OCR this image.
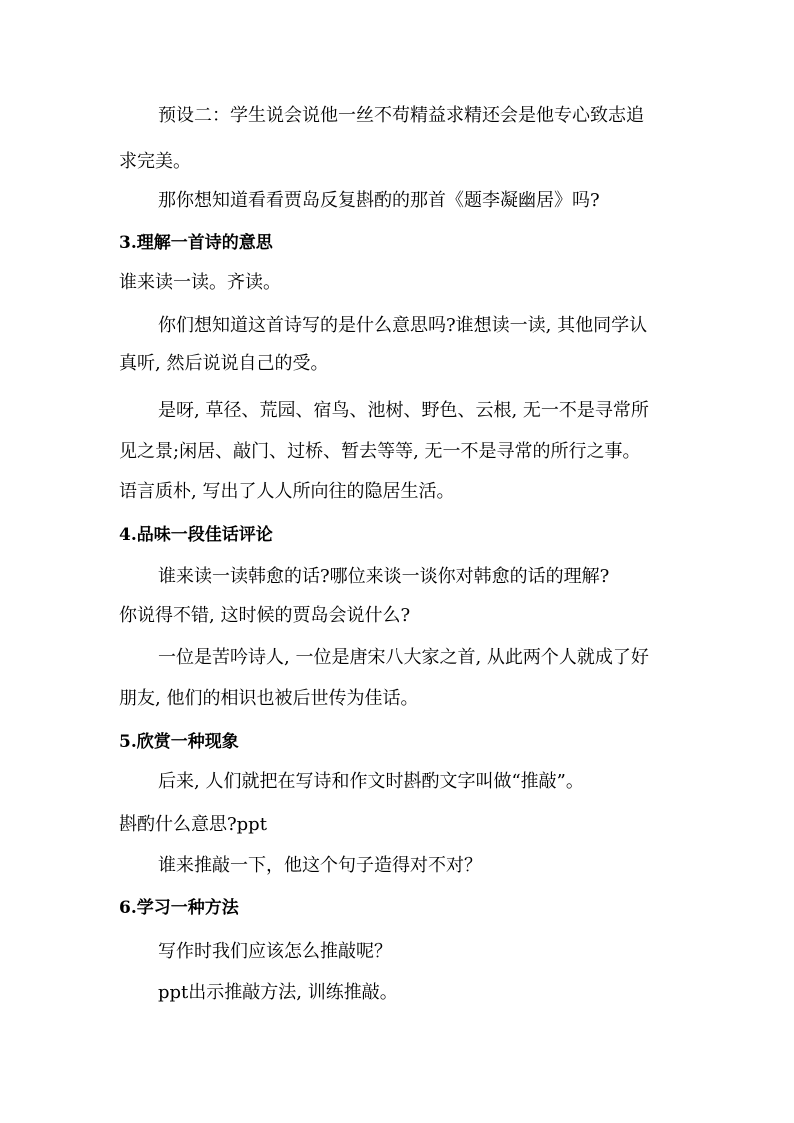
预设二：学生说会说他一丝不苟精益求精还会是他专心致志追
求完美。
那你想知道看看贾岛反复斟酌的那首《题李凝幽居》吗?
3.理解一首诗的意思
谁来读一读。齐读。
你们想知道这首诗写的是什么意思吗?谁想读一读, 其他同学认
真听, 然后说说自己的受。
是呀, 草径、荒园、宿鸟、池树、野色、云根, 无一不是寻常所
见之景;闲居、敲门、过桥、暂去等等, 无一不是寻常的所行之事。
语言质朴, 写出了人人所向往的隐居生活。
4.品味一段佳话评论
谁来读一读韩愈的话?哪位来谈一谈你对韩愈的话的理解?
你说得不错, 这时候的贾岛会说什么?
一位是苦吟诗人, 一位是唐宋八大家之首, 从此两个人就成了好
朋友, 他们的相识也被后世传为佳话。
5.欣赏一种现象
后来, 人们就把在写诗和作文时斟酌文字叫做“推敲”。
斟酌什么意思?ppt
谁来推敲一下，他这个句子造得对不对？
6.学习一种方法
写作时我们应该怎么推敲呢？
ppt出示推敲方法, 训练推敲。
